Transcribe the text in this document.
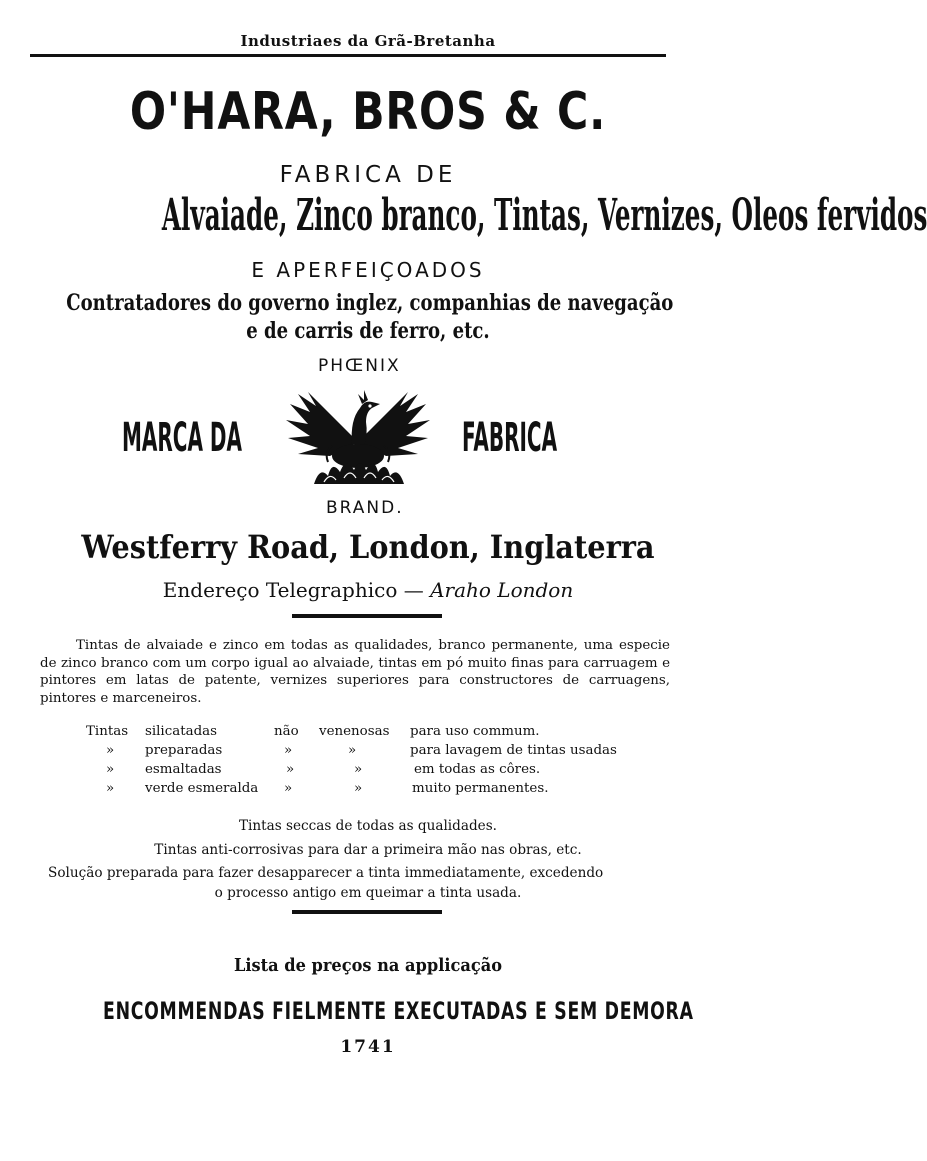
Industriaes da Grã-Bretanha
O'HARA, BROS & C.
FABRICA DE
Alvaiade, Zinco branco, Tintas, Vernizes, Oleos fervidos
E APERFEIÇOADOS
Contratadores do governo inglez, companhias de navegação
e de carris de ferro, etc.
PHŒNIX
MARCA DA	FABRICA
BRAND.
Westferry Road, London, Inglaterra
Endereço Telegraphico — Araho London

Tintas de alvaiade e zinco em todas as qualidades, branco permanente, uma especie de zinco branco com um corpo igual ao alvaiade, tintas em pó muito finas para carruagem e pintores em latas de patente, vernizes superiores para constructores de carruagens, pintores e marceneiros.

Tintas silicatadas	não venenosas para uso commum.
» preparadas	»	»	para lavagem de tintas usadas
» esmaltadas	»	»	em todas as côres.
» verde esmeralda »	»	muito permanentes.
Tintas seccas de todas as qualidades.
Tintas anti-corrosivas para dar a primeira mão nas obras, etc.
Solução preparada para fazer desapparecer a tinta immediatamente, excedendo
o processo antigo em queimar a tinta usada.
Lista de preços na applicação
ENCOMMENDAS FIELMENTE EXECUTADAS E SEM DEMORA
1741
